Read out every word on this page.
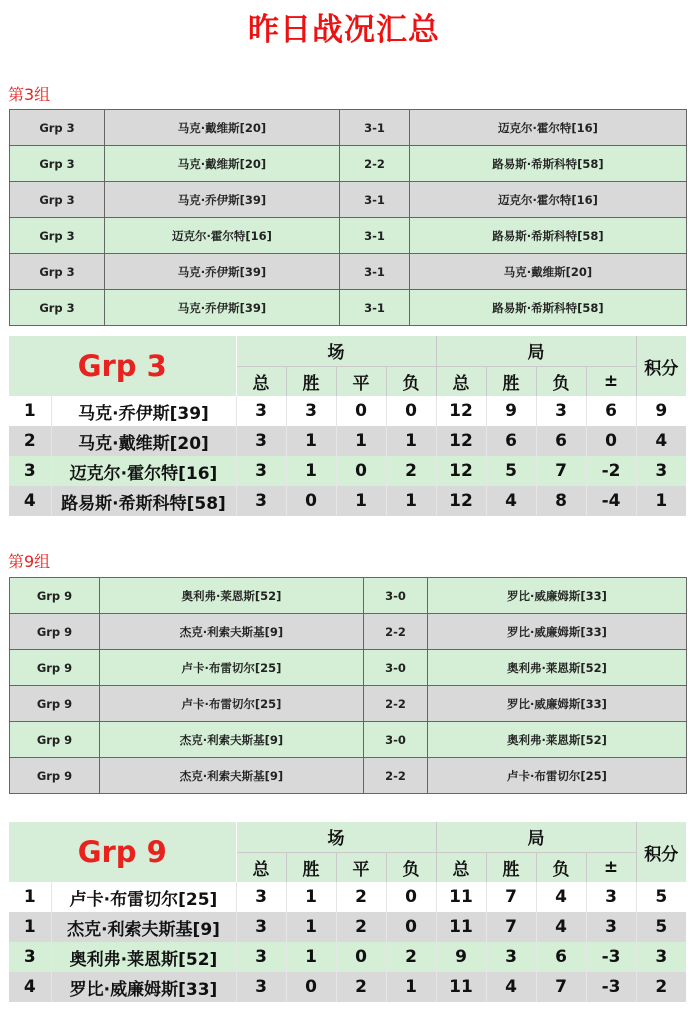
昨日战况汇总
第3组
Grp 3	马克·戴维斯[20]	3-1	迈克尔·霍尔特[16]
Grp 3	马克·戴维斯[20]	2-2	路易斯·希斯科特[58]
Grp 3	马克·乔伊斯[39]	3-1	迈克尔·霍尔特[16]
Grp 3	迈克尔·霍尔特[16]	3-1	路易斯·希斯科特[58]
Grp 3	马克·乔伊斯[39]	3-1	马克·戴维斯[20]
Grp 3	马克·乔伊斯[39]	3-1	路易斯·希斯科特[58]
Grp 3		场				局				积分
		总	胜	平	负	总	胜	负	±	
1	马克·乔伊斯[39]	3	3	0	0	12	9	3	6	9
2	马克·戴维斯[20]	3	1	1	1	12	6	6	0	4
3	迈克尔·霍尔特[16]	3	1	0	2	12	5	7	-2	3
4	路易斯·希斯科特[58]	3	0	1	1	12	4	8	-4	1
第9组
Grp 9	奥利弗·莱恩斯[52]	3-0	罗比·威廉姆斯[33]
Grp 9	杰克·利索夫斯基[9]	2-2	罗比·威廉姆斯[33]
Grp 9	卢卡·布雷切尔[25]	3-0	奥利弗·莱恩斯[52]
Grp 9	卢卡·布雷切尔[25]	2-2	罗比·威廉姆斯[33]
Grp 9	杰克·利索夫斯基[9]	3-0	奥利弗·莱恩斯[52]
Grp 9	杰克·利索夫斯基[9]	2-2	卢卡·布雷切尔[25]
Grp 9		场				局				积分
		总	胜	平	负	总	胜	负	±	
1	卢卡·布雷切尔[25]	3	1	2	0	11	7	4	3	5
1	杰克·利索夫斯基[9]	3	1	2	0	11	7	4	3	5
3	奥利弗·莱恩斯[52]	3	1	0	2	9	3	6	-3	3
4	罗比·威廉姆斯[33]	3	0	2	1	11	4	7	-3	2
